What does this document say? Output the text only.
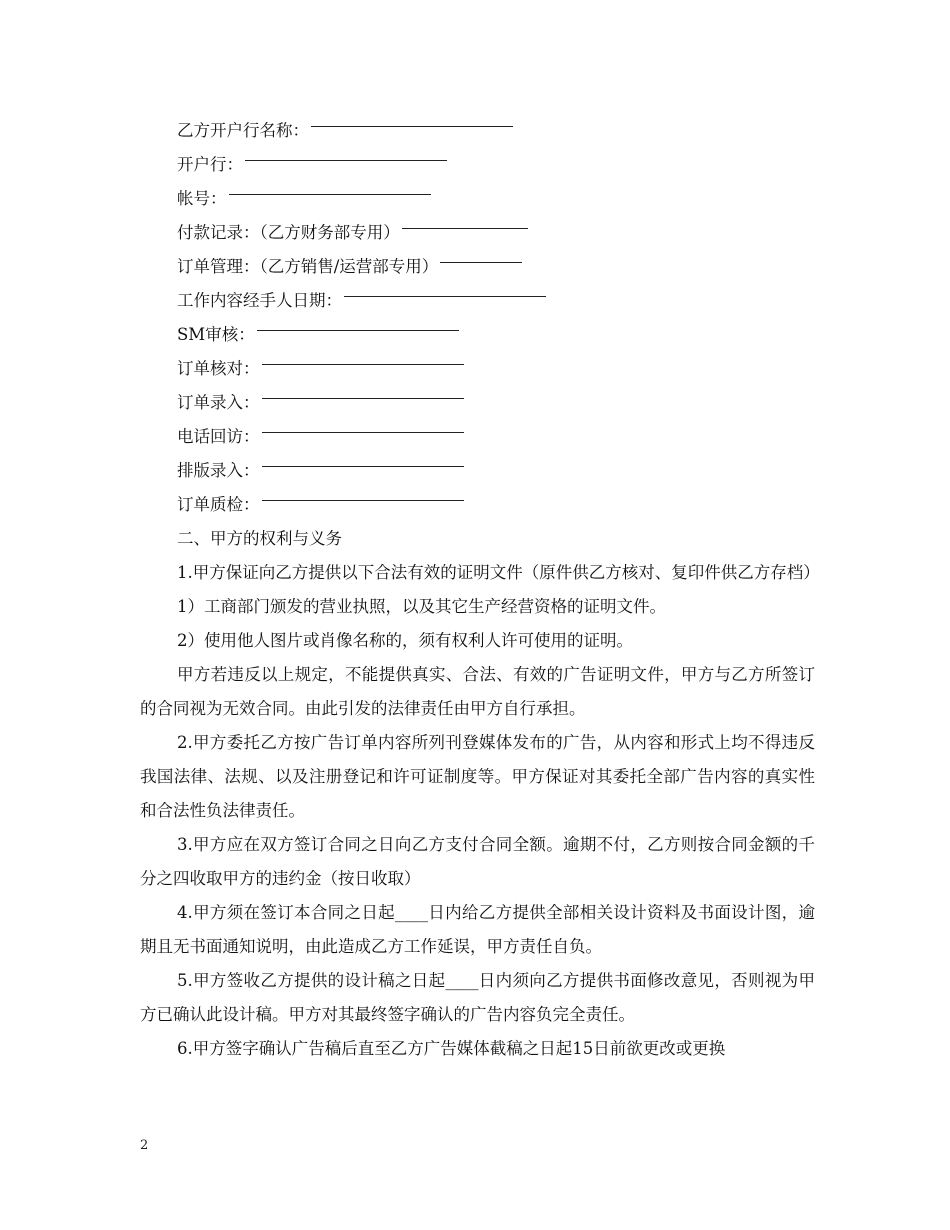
乙方开户行名称：
开户行：
帐号：
付款记录：（乙方财务部专用）
订单管理：（乙方销售/运营部专用）
工作内容经手人日期：
SM审核：
订单核对：
订单录入：
电话回访：
排版录入：
订单质检：
二、甲方的权利与义务

1.甲方保证向乙方提供以下合法有效的证明文件（原件供乙方核对、复印件供乙方存档）

1）工商部门颁发的营业执照，以及其它生产经营资格的证明文件。

2）使用他人图片或肖像名称的，须有权利人许可使用的证明。

甲方若违反以上规定，不能提供真实、合法、有效的广告证明文件，甲方与乙方所签订的合同视为无效合同。由此引发的法律责任由甲方自行承担。

2.甲方委托乙方按广告订单内容所列刊登媒体发布的广告，从内容和形式上均不得违反我国法律、法规、以及注册登记和许可证制度等。甲方保证对其委托全部广告内容的真实性和合法性负法律责任。

3.甲方应在双方签订合同之日向乙方支付合同全额。逾期不付，乙方则按合同金额的千分之四收取甲方的违约金（按日收取）

4.甲方须在签订本合同之日起____日内给乙方提供全部相关设计资料及书面设计图，逾期且无书面通知说明，由此造成乙方工作延误，甲方责任自负。

5.甲方签收乙方提供的设计稿之日起____日内须向乙方提供书面修改意见，否则视为甲方已确认此设计稿。甲方对其最终签字确认的广告内容负完全责任。

6.甲方签字确认广告稿后直至乙方广告媒体截稿之日起15日前欲更改或更换

2
